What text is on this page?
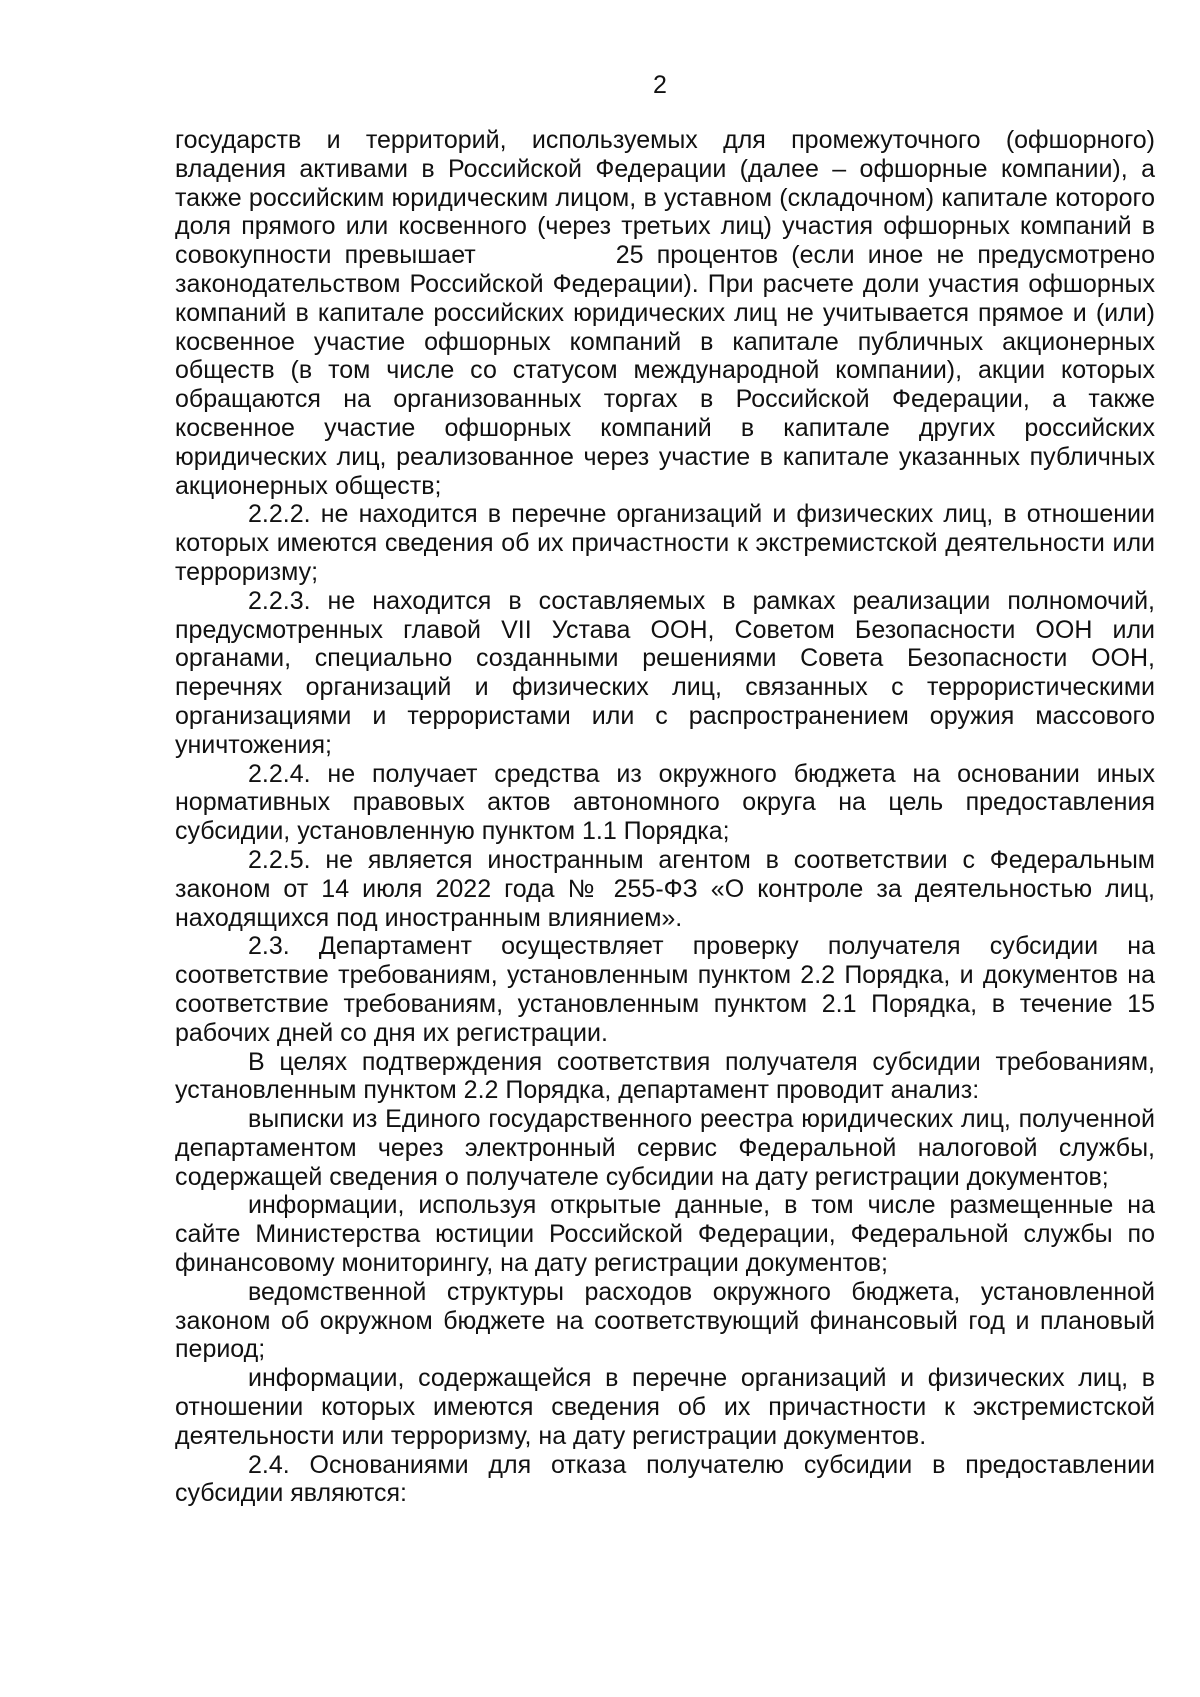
2

государств и территорий, используемых для промежуточного (офшорного) владения активами в Российской Федерации (далее – офшорные компании), а также российским юридическим лицом, в уставном (складочном) капитале которого доля прямого или косвенного (через третьих лиц) участия офшорных компаний в совокупности превышает	25 процентов (если иное не предусмотрено законодательством Российской Федерации). При расчете доли участия офшорных компаний в капитале российских юридических лиц не учитывается прямое и (или) косвенное участие офшорных компаний в капитале публичных акционерных обществ (в том числе со статусом международной компании), акции которых обращаются на организованных торгах в Российской Федерации, а также косвенное участие офшорных компаний в капитале других российских юридических лиц, реализованное через участие в капитале указанных публичных акционерных обществ;

2.2.2. не находится в перечне организаций и физических лиц, в отношении которых имеются сведения об их причастности к экстремистской деятельности или терроризму;

2.2.3. не находится в составляемых в рамках реализации полномочий, предусмотренных главой VII Устава ООН, Советом Безопасности ООН или органами, специально созданными решениями Совета Безопасности ООН, перечнях организаций и физических лиц, связанных с террористическими организациями и террористами или с распространением оружия массового уничтожения;

2.2.4. не получает средства из окружного бюджета на основании иных нормативных правовых актов автономного округа на цель предоставления субсидии, установленную пунктом 1.1 Порядка;

2.2.5. не является иностранным агентом в соответствии с Федеральным законом от 14 июля 2022 года № 255-ФЗ «О контроле за деятельностью лиц, находящихся под иностранным влиянием».

2.3. Департамент осуществляет проверку получателя субсидии на соответствие требованиям, установленным пунктом 2.2 Порядка, и документов на соответствие требованиям, установленным пунктом 2.1 Порядка, в течение 15 рабочих дней со дня их регистрации.

В целях подтверждения соответствия получателя субсидии требованиям, установленным пунктом 2.2 Порядка, департамент проводит анализ:

выписки из Единого государственного реестра юридических лиц, полученной департаментом через электронный сервис Федеральной налоговой службы, содержащей сведения о получателе субсидии на дату регистрации документов;

информации, используя открытые данные, в том числе размещенные на сайте Министерства юстиции Российской Федерации, Федеральной службы по финансовому мониторингу, на дату регистрации документов;

ведомственной структуры расходов окружного бюджета, установленной законом об окружном бюджете на соответствующий финансовый год и плановый период;

информации, содержащейся в перечне организаций и физических лиц, в отношении которых имеются сведения об их причастности к экстремистской деятельности или терроризму, на дату регистрации документов.

2.4. Основаниями для отказа получателю субсидии в предоставлении субсидии являются:
